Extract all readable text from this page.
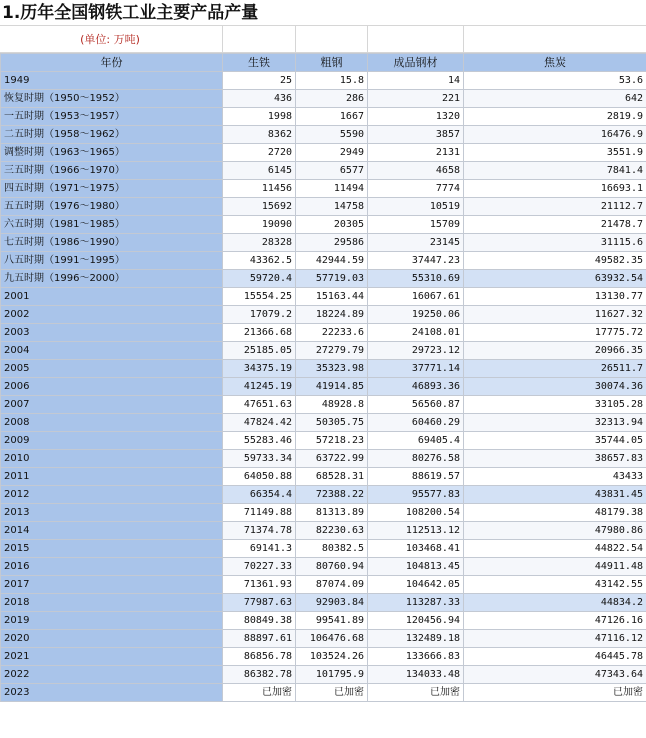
1.历年全国钢铁工业主要产品产量
(单位: 万吨)
年份	生铁	粗钢	成品钢材	焦炭
1949	25	15.8	14	53.6
恢复时期（1950～1952）	436	286	221	642
一五时期（1953～1957）	1998	1667	1320	2819.9
二五时期（1958～1962）	8362	5590	3857	16476.9
调整时期（1963～1965）	2720	2949	2131	3551.9
三五时期（1966～1970）	6145	6577	4658	7841.4
四五时期（1971～1975）	11456	11494	7774	16693.1
五五时期（1976～1980）	15692	14758	10519	21112.7
六五时期（1981～1985）	19090	20305	15709	21478.7
七五时期（1986～1990）	28328	29586	23145	31115.6
八五时期（1991～1995）	43362.5	42944.59	37447.23	49582.35
九五时期（1996～2000）	59720.4	57719.03	55310.69	63932.54
2001	15554.25	15163.44	16067.61	13130.77
2002	17079.2	18224.89	19250.06	11627.32
2003	21366.68	22233.6	24108.01	17775.72
2004	25185.05	27279.79	29723.12	20966.35
2005	34375.19	35323.98	37771.14	26511.7
2006	41245.19	41914.85	46893.36	30074.36
2007	47651.63	48928.8	56560.87	33105.28
2008	47824.42	50305.75	60460.29	32313.94
2009	55283.46	57218.23	69405.4	35744.05
2010	59733.34	63722.99	80276.58	38657.83
2011	64050.88	68528.31	88619.57	43433
2012	66354.4	72388.22	95577.83	43831.45
2013	71149.88	81313.89	108200.54	48179.38
2014	71374.78	82230.63	112513.12	47980.86
2015	69141.3	80382.5	103468.41	44822.54
2016	70227.33	80760.94	104813.45	44911.48
2017	71361.93	87074.09	104642.05	43142.55
2018	77987.63	92903.84	113287.33	44834.2
2019	80849.38	99541.89	120456.94	47126.16
2020	88897.61	106476.68	132489.18	47116.12
2021	86856.78	103524.26	133666.83	46445.78
2022	86382.78	101795.9	134033.48	47343.64
2023	已加密	已加密	已加密	已加密
